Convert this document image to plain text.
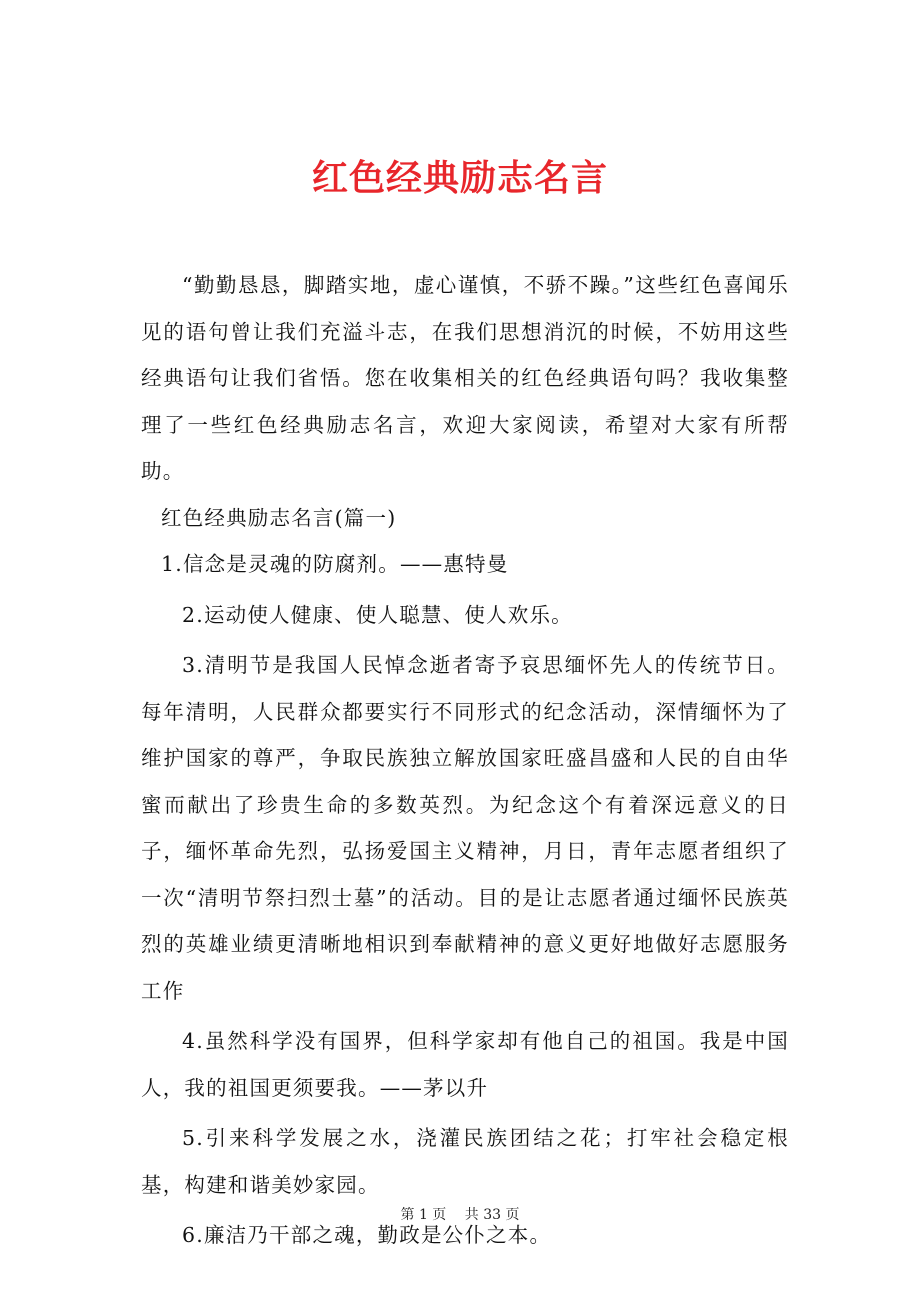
红色经典励志名言

“勤勤恳恳，脚踏实地，虚心谨慎，不骄不躁。”这些红色喜闻乐见的语句曾让我们充溢斗志，在我们思想消沉的时候，不妨用这些经典语句让我们省悟。您在收集相关的红色经典语句吗？我收集整理了一些红色经典励志名言，欢迎大家阅读，希望对大家有所帮助。

红色经典励志名言(篇一)

1.信念是灵魂的防腐剂。——惠特曼

2.运动使人健康、使人聪慧、使人欢乐。

3.清明节是我国人民悼念逝者寄予哀思缅怀先人的传统节日。每年清明，人民群众都要实行不同形式的纪念活动，深情缅怀为了维护国家的尊严，争取民族独立解放国家旺盛昌盛和人民的自由华蜜而献出了珍贵生命的多数英烈。为纪念这个有着深远意义的日子，缅怀革命先烈，弘扬爱国主义精神，月日，青年志愿者组织了一次“清明节祭扫烈士墓”的活动。目的是让志愿者通过缅怀民族英烈的英雄业绩更清晰地相识到奉献精神的意义更好地做好志愿服务工作

4.虽然科学没有国界，但科学家却有他自己的祖国。我是中国人，我的祖国更须要我。——茅以升

5.引来科学发展之水，浇灌民族团结之花；打牢社会稳定根基，构建和谐美妙家园。

6.廉洁乃干部之魂，勤政是公仆之本。

第 1 页 共 33 页
